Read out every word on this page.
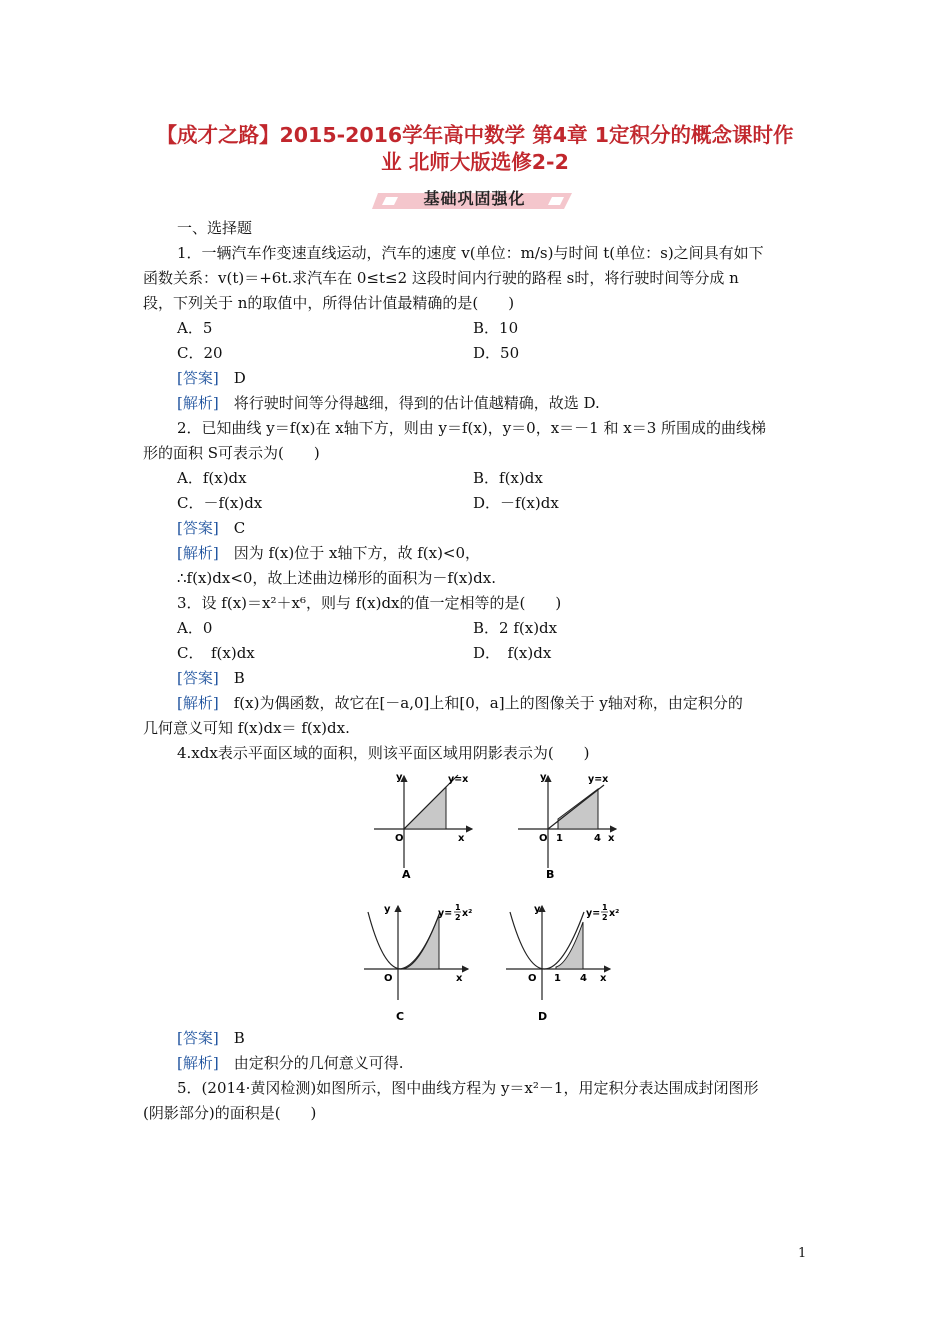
【成才之路】2015-2016学年高中数学 第4章 1定积分的概念课时作
业 北师大版选修2-2
基础巩固强化
一、选择题
1．一辆汽车作变速直线运动，汽车的速度 v(单位：m/s)与时间 t(单位：s)之间具有如下
函数关系：v(t)＝+6t.求汽车在 0≤t≤2 这段时间内行驶的路程 s时，将行驶时间等分成 n
段，下列关于 n的取值中，所得估计值最精确的是(　　)
A．5	B．10
C．20	D．50
[答案]　 D
[解析]　 将行驶时间等分得越细，得到的估计值越精确，故选 D.
2．已知曲线 y＝f(x)在 x轴下方，则由 y＝f(x)，y＝0，x＝－1 和 x＝3 所围成的曲线梯
形的面积 S可表示为(　　)
A．f(x)dx	B．f(x)dx
C．－f(x)dx	D．－f(x)dx
[答案]　 C
[解析]　 因为 f(x)位于 x轴下方，故 f(x)<0，
∴f(x)dx<0，故上述曲边梯形的面积为－f(x)dx.
3．设 f(x)＝x²＋x⁶，则与 f(x)dx的值一定相等的是(　　)
A．0	B．2 f(x)dx
C．　f(x)dx	D．　f(x)dx
[答案]　 B
[解析]　 f(x)为偶函数，故它在[－a,0]上和[0，a]上的图像关于 y轴对称，由定积分的
几何意义可知 f(x)dx＝ f(x)dx.
4.xdx表示平面区域的面积，则该平面区域用阴影表示为(　　)
y
x
O
y=x
A
y
x
O 1	4
y=x
B
y
x
O
y=
1
2 x²
C
y
x
O 1 4
y=
1
2 x²
D
[答案]　 B
[解析]　 由定积分的几何意义可得.
5．(2014·黄冈检测)如图所示，图中曲线方程为 y＝x²－1，用定积分表达围成封闭图形
(阴影部分)的面积是(　　)
1
